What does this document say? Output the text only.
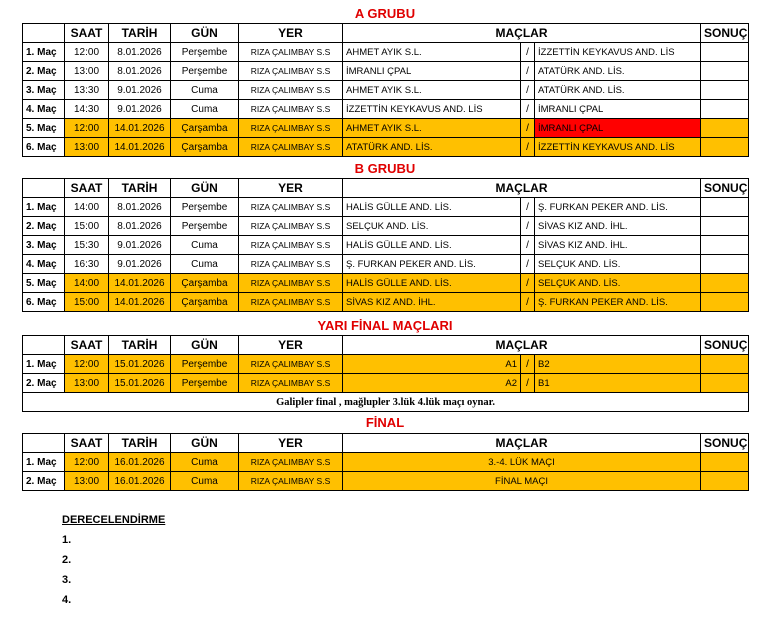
A GRUBU
	SAAT	TARİH	GÜN	YER	MAÇLAR			SONUÇ
1. Maç	12:00	8.01.2026	Perşembe	RIZA ÇALIMBAY S.S	AHMET AYIK S.L.	/	İZZETTİN KEYKAVUS AND. LİS	
2. Maç	13:00	8.01.2026	Perşembe	RIZA ÇALIMBAY S.S	İMRANLI ÇPAL	/	ATATÜRK AND. LİS.	
3. Maç	13:30	9.01.2026	Cuma	RIZA ÇALIMBAY S.S	AHMET AYIK S.L.	/	ATATÜRK AND. LİS.	
4. Maç	14:30	9.01.2026	Cuma	RIZA ÇALIMBAY S.S	İZZETTİN KEYKAVUS AND. LİS	/	İMRANLI ÇPAL	
5. Maç	12:00	14.01.2026	Çarşamba	RIZA ÇALIMBAY S.S	AHMET AYIK S.L.	/	İMRANLI ÇPAL	
6. Maç	13:00	14.01.2026	Çarşamba	RIZA ÇALIMBAY S.S	ATATÜRK AND. LİS.	/	İZZETTİN KEYKAVUS AND. LİS	
B GRUBU
	SAAT	TARİH	GÜN	YER	MAÇLAR			SONUÇ
1. Maç	14:00	8.01.2026	Perşembe	RIZA ÇALIMBAY S.S	HALİS GÜLLE AND. LİS.	/	Ş. FURKAN PEKER AND. LİS.	
2. Maç	15:00	8.01.2026	Perşembe	RIZA ÇALIMBAY S.S	SELÇUK AND. LİS.	/	SİVAS KIZ AND. İHL.	
3. Maç	15:30	9.01.2026	Cuma	RIZA ÇALIMBAY S.S	HALİS GÜLLE AND. LİS.	/	SİVAS KIZ AND. İHL.	
4. Maç	16:30	9.01.2026	Cuma	RIZA ÇALIMBAY S.S	Ş. FURKAN PEKER AND. LİS.	/	SELÇUK AND. LİS.	
5. Maç	14:00	14.01.2026	Çarşamba	RIZA ÇALIMBAY S.S	HALİS GÜLLE AND. LİS.	/	SELÇUK AND. LİS.	
6. Maç	15:00	14.01.2026	Çarşamba	RIZA ÇALIMBAY S.S	SİVAS KIZ AND. İHL.	/	Ş. FURKAN PEKER AND. LİS.	
YARI FİNAL MAÇLARI
	SAAT	TARİH	GÜN	YER	MAÇLAR			SONUÇ
1. Maç	12:00	15.01.2026	Perşembe	RIZA ÇALIMBAY S.S	A1	/	B2	
2. Maç	13:00	15.01.2026	Perşembe	RIZA ÇALIMBAY S.S	A2	/	B1	
Galipler final , mağlupler 3.lük 4.lük maçı oynar.								
FİNAL
	SAAT	TARİH	GÜN	YER	MAÇLAR	SONUÇ
1. Maç	12:00	16.01.2026	Cuma	RIZA ÇALIMBAY S.S	3.-4. LÜK MAÇI	
2. Maç	13:00	16.01.2026	Cuma	RIZA ÇALIMBAY S.S	FİNAL MAÇI	
DERECELENDİRME
1.
2.
3.
4.
